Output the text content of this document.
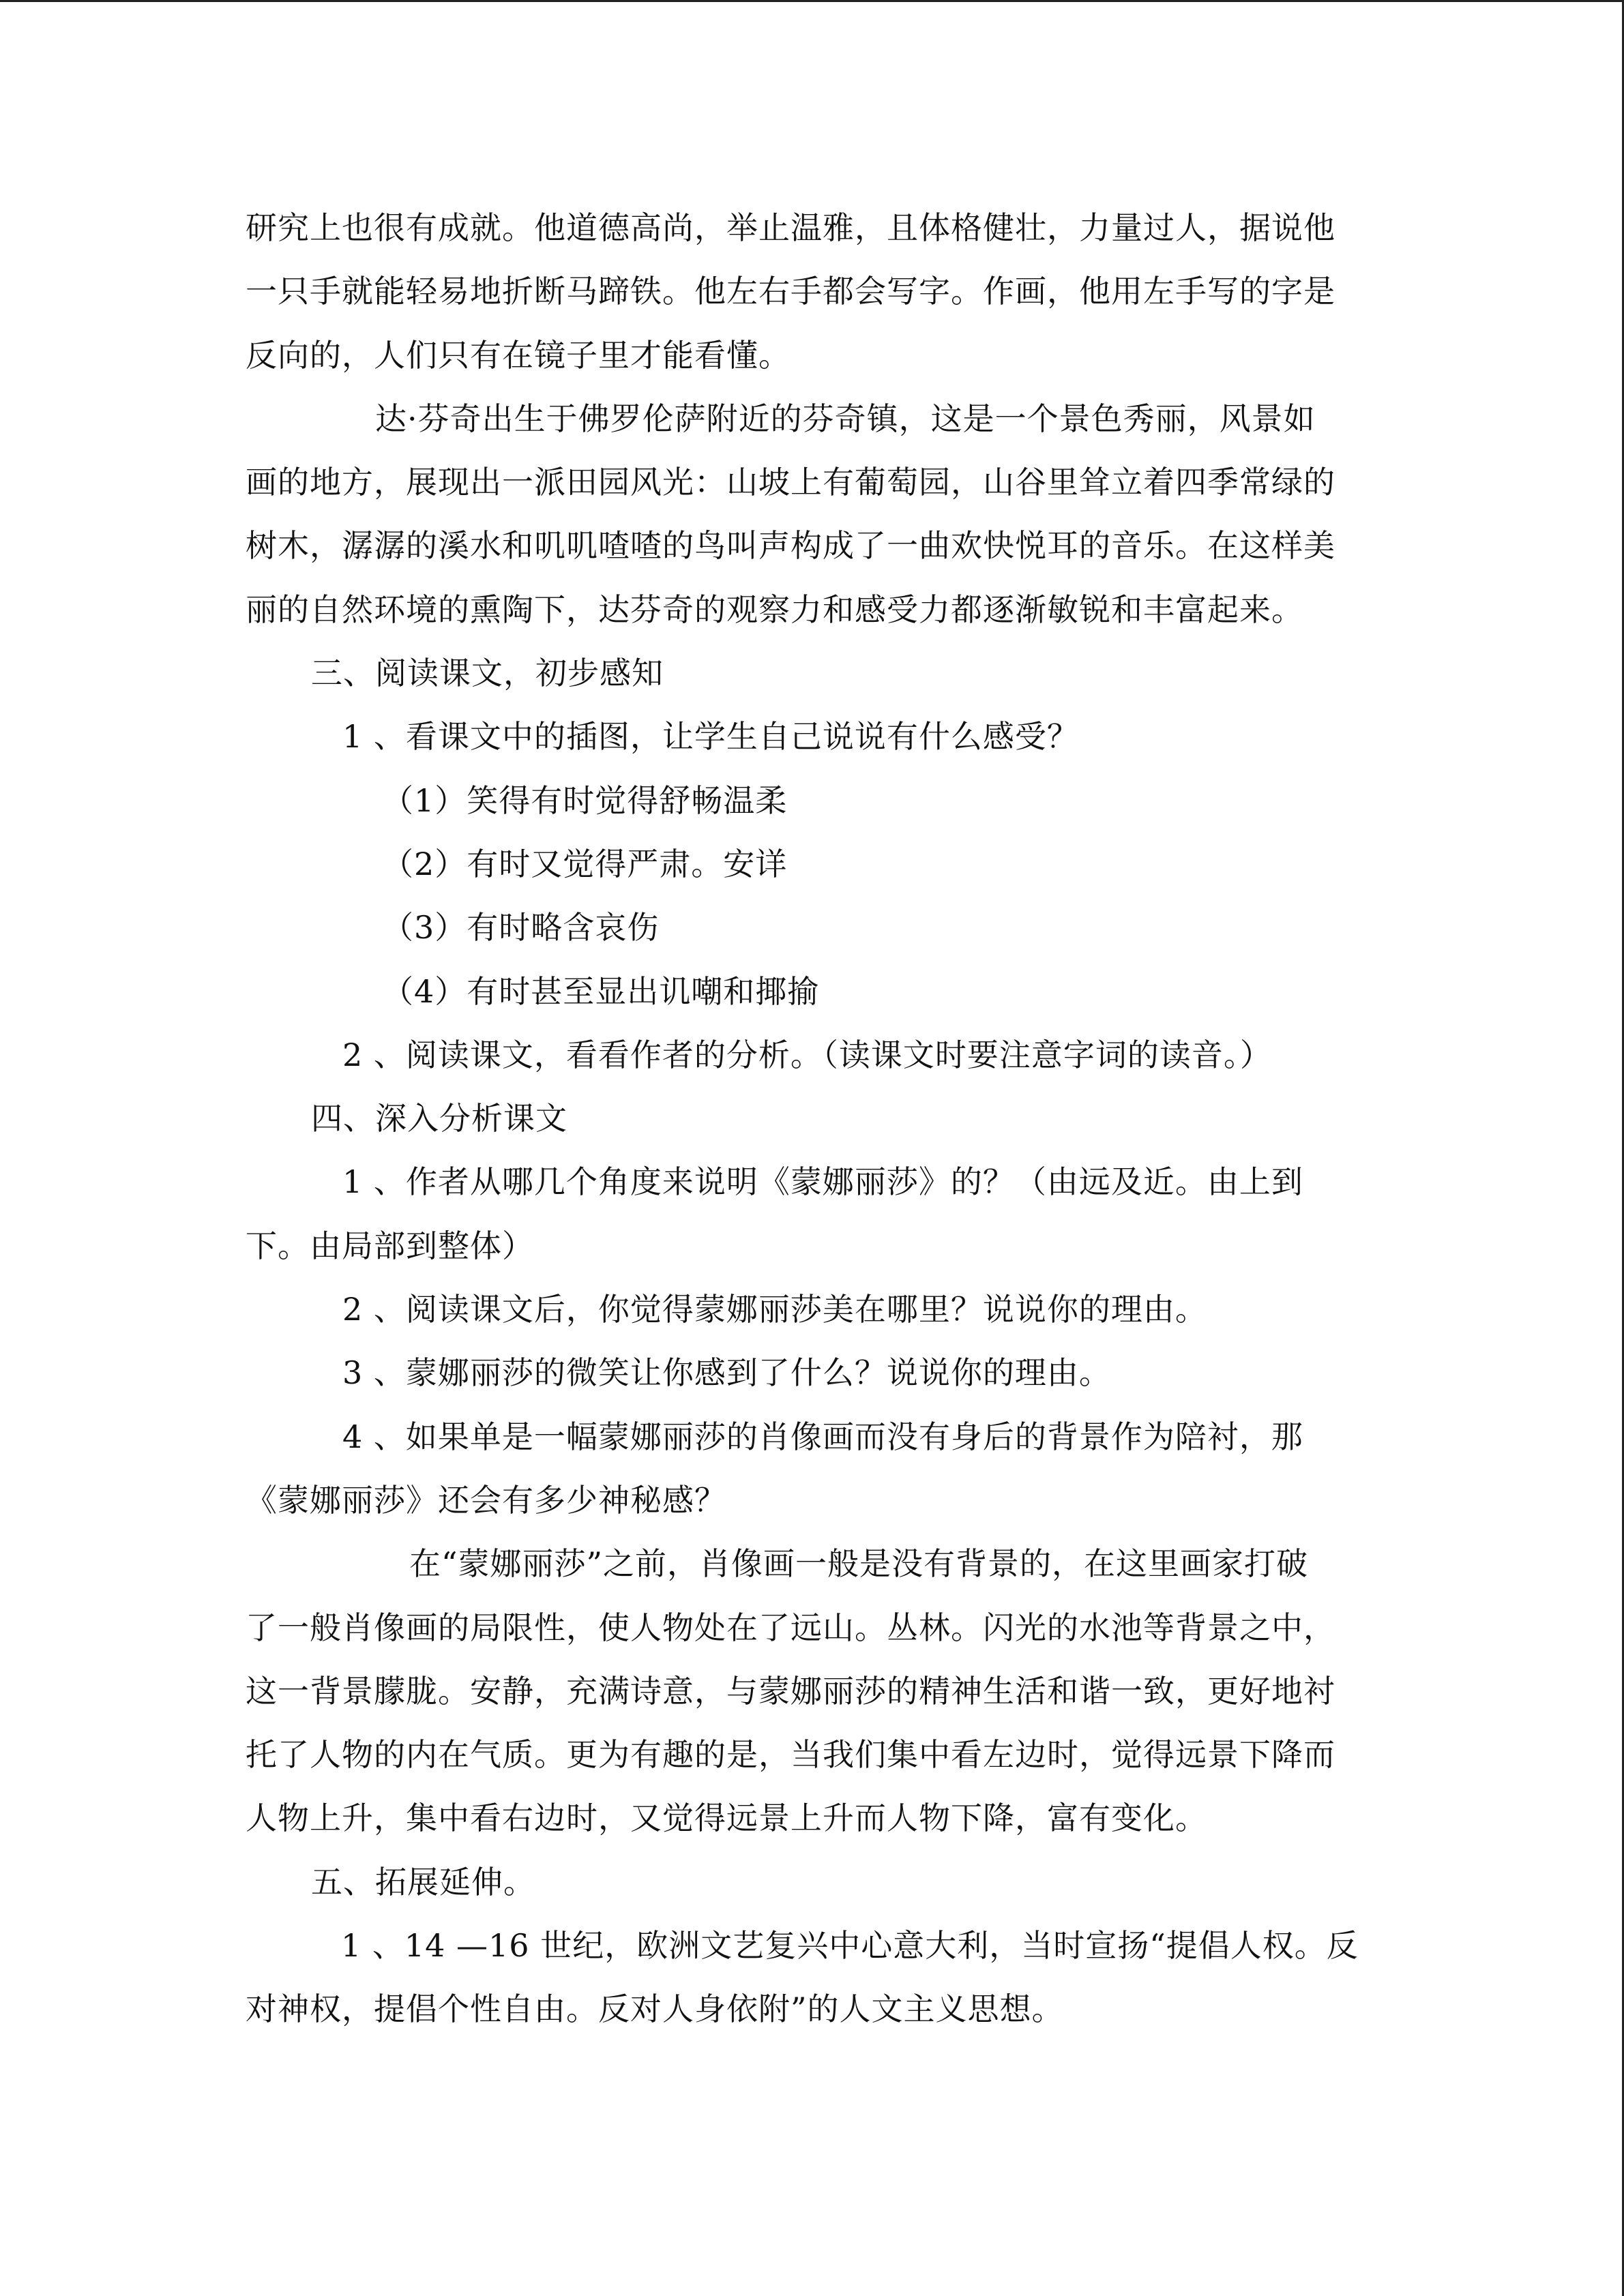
研究上也很有成就。他道德高尚，举止温雅，且体格健壮，力量过人，据说他
一只手就能轻易地折断马蹄铁。他左右手都会写字。作画，他用左手写的字是
反向的，人们只有在镜子里才能看懂。
达·芬奇出生于佛罗伦萨附近的芬奇镇，这是一个景色秀丽，风景如
画的地方，展现出一派田园风光：山坡上有葡萄园，山谷里耸立着四季常绿的
树木，潺潺的溪水和叽叽喳喳的鸟叫声构成了一曲欢快悦耳的音乐。在这样美
丽的自然环境的熏陶下，达芬奇的观察力和感受力都逐渐敏锐和丰富起来。
三、阅读课文，初步感知
1 、看课文中的插图，让学生自己说说有什么感受？
（1）笑得有时觉得舒畅温柔
（2）有时又觉得严肃。安详
（3）有时略含哀伤
（4）有时甚至显出讥嘲和揶揄
2 、阅读课文，看看作者的分析。（读课文时要注意字词的读音。）
四、深入分析课文
1 、作者从哪几个角度来说明《蒙娜丽莎》的？（由远及近。由上到
下。由局部到整体）
2 、阅读课文后，你觉得蒙娜丽莎美在哪里？说说你的理由。
3 、蒙娜丽莎的微笑让你感到了什么？说说你的理由。
4 、如果单是一幅蒙娜丽莎的肖像画而没有身后的背景作为陪衬，那
《蒙娜丽莎》还会有多少神秘感？
在“蒙娜丽莎”之前，肖像画一般是没有背景的，在这里画家打破
了一般肖像画的局限性，使人物处在了远山。丛林。闪光的水池等背景之中，
这一背景朦胧。安静，充满诗意，与蒙娜丽莎的精神生活和谐一致，更好地衬
托了人物的内在气质。更为有趣的是，当我们集中看左边时，觉得远景下降而
人物上升，集中看右边时，又觉得远景上升而人物下降，富有变化。
五、拓展延伸。
1 、14 —16 世纪，欧洲文艺复兴中心意大利，当时宣扬“提倡人权。反
对神权，提倡个性自由。反对人身依附”的人文主义思想。
